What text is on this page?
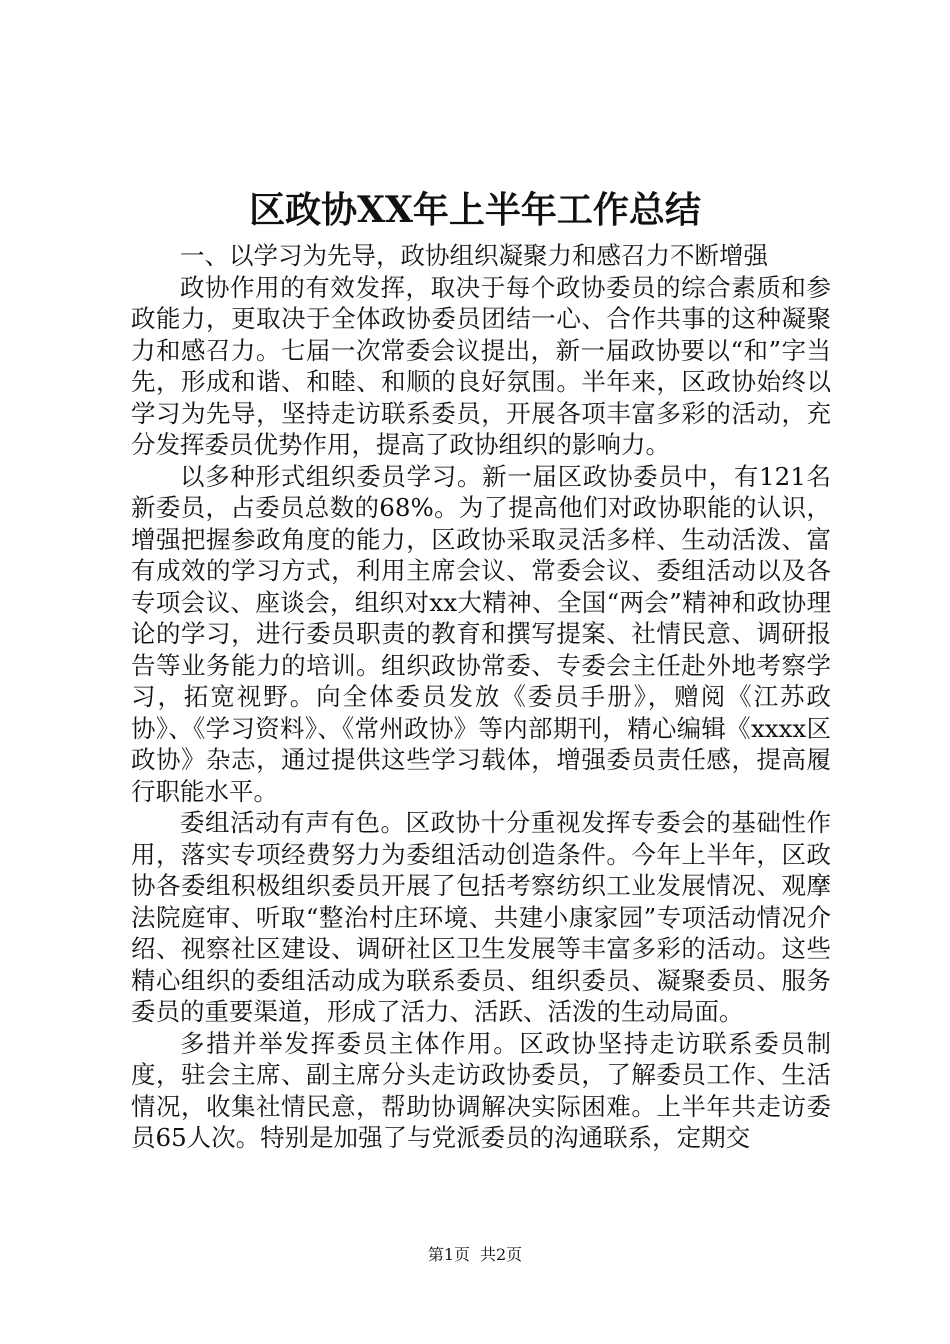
区政协XX年上半年工作总结

一、以学习为先导，政协组织凝聚力和感召力不断增强

政协作用的有效发挥，取决于每个政协委员的综合素质和参政能力，更取决于全体政协委员团结一心、合作共事的这种凝聚力和感召力。七届一次常委会议提出，新一届政协要以“和”字当先，形成和谐、和睦、和顺的良好氛围。半年来，区政协始终以学习为先导，坚持走访联系委员，开展各项丰富多彩的活动，充分发挥委员优势作用，提高了政协组织的影响力。

以多种形式组织委员学习。新一届区政协委员中，有121名新委员，占委员总数的68%。为了提高他们对政协职能的认识，增强把握参政角度的能力，区政协采取灵活多样、生动活泼、富有成效的学习方式，利用主席会议、常委会议、委组活动以及各专项会议、座谈会，组织对xx大精神、全国“两会”精神和政协理论的学习，进行委员职责的教育和撰写提案、社情民意、调研报告等业务能力的培训。组织政协常委、专委会主任赴外地考察学习，拓宽视野。向全体委员发放《委员手册》，赠阅《江苏政协》、《学习资料》、《常州政协》等内部期刊，精心编辑《xxxx区政协》杂志，通过提供这些学习载体，增强委员责任感，提高履行职能水平。

委组活动有声有色。区政协十分重视发挥专委会的基础性作用，落实专项经费努力为委组活动创造条件。今年上半年，区政协各委组积极组织委员开展了包括考察纺织工业发展情况、观摩法院庭审、听取“整治村庄环境、共建小康家园”专项活动情况介绍、视察社区建设、调研社区卫生发展等丰富多彩的活动。这些精心组织的委组活动成为联系委员、组织委员、凝聚委员、服务委员的重要渠道，形成了活力、活跃、活泼的生动局面。

多措并举发挥委员主体作用。区政协坚持走访联系委员制度，驻会主席、副主席分头走访政协委员，了解委员工作、生活情况，收集社情民意，帮助协调解决实际困难。上半年共走访委员65人次。特别是加强了与党派委员的沟通联系，定期交

第1页 共2页
